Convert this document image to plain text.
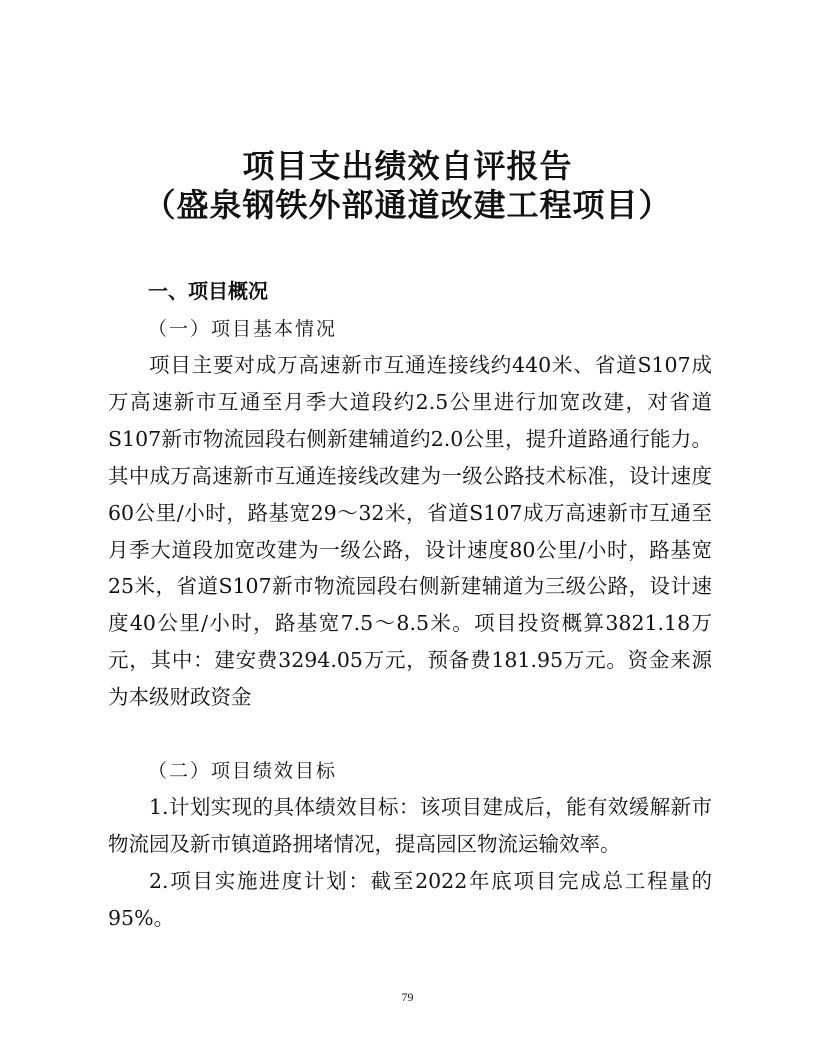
项目支出绩效自评报告
（盛泉钢铁外部通道改建工程项目）
一、项目概况
（一）项目基本情况

项目主要对成万高速新市互通连接线约440米、省道S107成万高速新市互通至月季大道段约2.5公里进行加宽改建，对省道S107新市物流园段右侧新建辅道约2.0公里，提升道路通行能力。其中成万高速新市互通连接线改建为一级公路技术标准，设计速度60公里/小时，路基宽29～32米，省道S107成万高速新市互通至月季大道段加宽改建为一级公路，设计速度80公里/小时，路基宽25米，省道S107新市物流园段右侧新建辅道为三级公路，设计速度40公里/小时，路基宽7.5～8.5米。项目投资概算3821.18万元，其中：建安费3294.05万元，预备费181.95万元。资金来源为本级财政资金

（二）项目绩效目标

1.计划实现的具体绩效目标：该项目建成后，能有效缓解新市物流园及新市镇道路拥堵情况，提高园区物流运输效率。

2.项目实施进度计划：截至2022年底项目完成总工程量的95%。

79
